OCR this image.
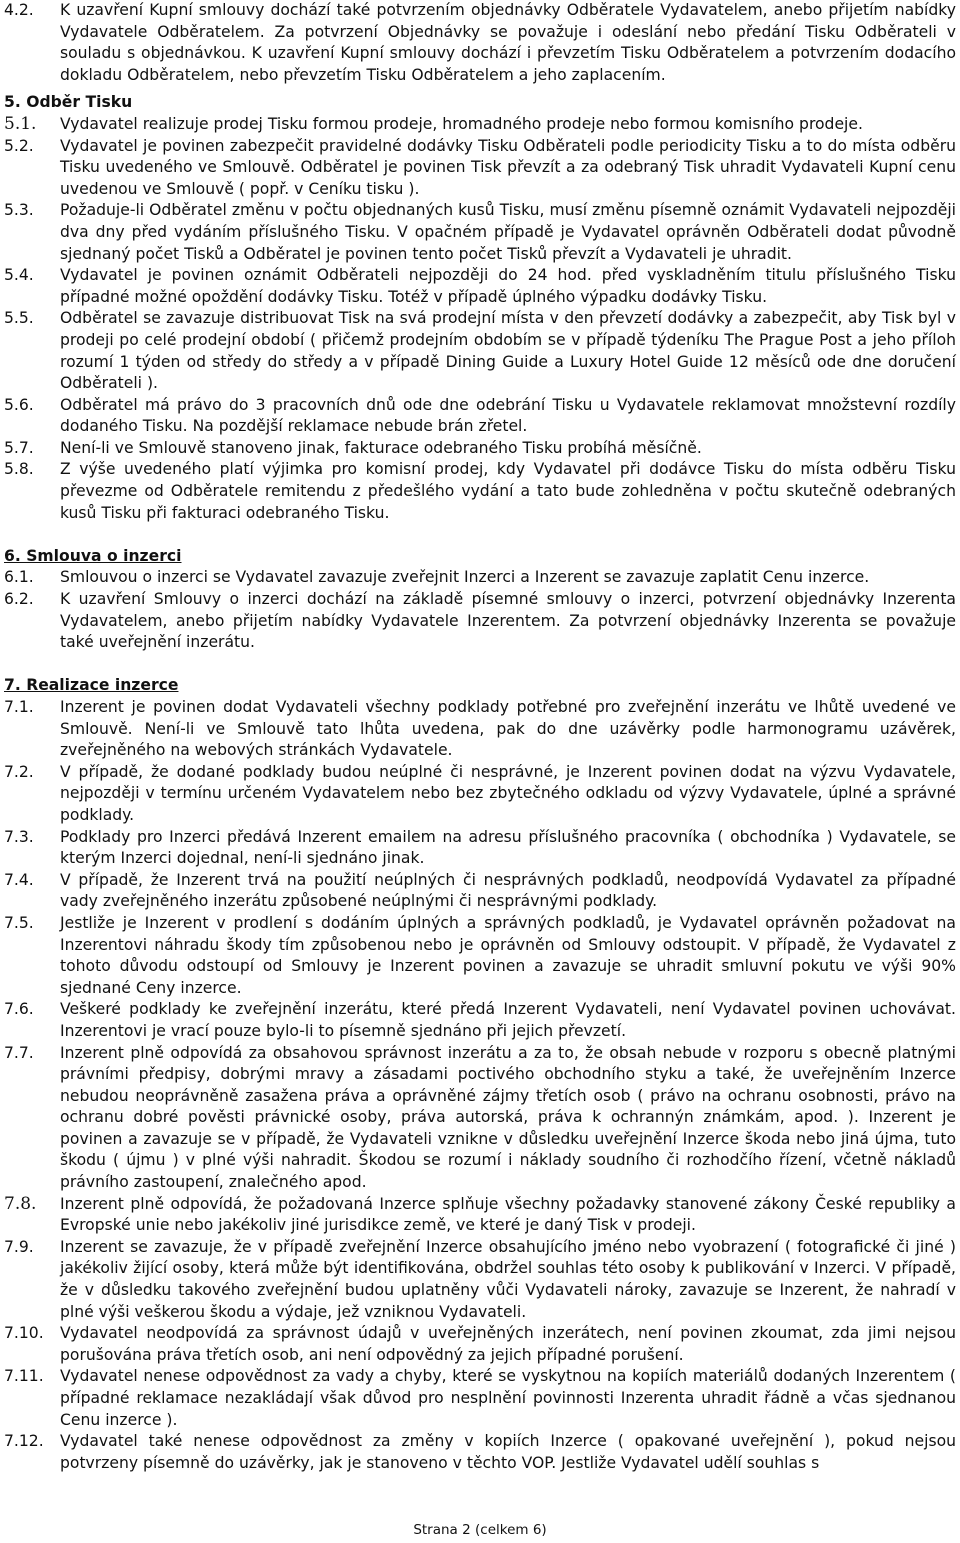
4.2.	K uzavření Kupní smlouvy dochází také potvrzením objednávky Odběratele Vydavatelem, anebo přijetím nabídky Vydavatele Odběratelem. Za potvrzení Objednávky se považuje i odeslání nebo předání Tisku Odběrateli v souladu s objednávkou. K uzavření Kupní smlouvy dochází i převzetím Tisku Odběratelem a potvrzením dodacího dokladu Odběratelem, nebo převzetím Tisku Odběratelem a jeho zaplacením.
5. Odběr Tisku
5.1.	Vydavatel realizuje prodej Tisku formou prodeje, hromadného prodeje nebo formou komisního prodeje.
5.2.	Vydavatel je povinen zabezpečit pravidelné dodávky Tisku Odběrateli podle periodicity Tisku a to do místa odběru Tisku uvedeného ve Smlouvě. Odběratel je povinen Tisk převzít a za odebraný Tisk uhradit Vydavateli Kupní cenu uvedenou ve Smlouvě ( popř. v Ceníku tisku ).
5.3.	Požaduje-li Odběratel změnu v počtu objednaných kusů Tisku, musí změnu písemně oznámit Vydavateli nejpozději dva dny před vydáním příslušného Tisku. V opačném případě je Vydavatel oprávněn Odběrateli dodat původně sjednaný počet Tisků a Odběratel je povinen tento počet Tisků převzít a Vydavateli je uhradit.
5.4.	Vydavatel je povinen oznámit Odběrateli nejpozději do 24 hod. před vyskladněním titulu příslušného Tisku případné možné opoždění dodávky Tisku. Totéž v případě úplného výpadku dodávky Tisku.
5.5.	Odběratel se zavazuje distribuovat Tisk na svá prodejní místa v den převzetí dodávky a zabezpečit, aby Tisk byl v prodeji po celé prodejní období ( přičemž prodejním obdobím se v případě týdeníku The Prague Post a jeho příloh rozumí 1 týden od středy do středy a v případě Dining Guide a Luxury Hotel Guide 12 měsíců ode dne doručení Odběrateli ).
5.6.	Odběratel má právo do 3 pracovních dnů ode dne odebrání Tisku u Vydavatele reklamovat množstevní rozdíly dodaného Tisku. Na pozdější reklamace nebude brán zřetel.
5.7.	Není-li ve Smlouvě stanoveno jinak, fakturace odebraného Tisku probíhá měsíčně.
5.8.	Z výše uvedeného platí výjimka pro komisní prodej, kdy Vydavatel při dodávce Tisku do místa odběru Tisku převezme od Odběratele remitendu z předešlého vydání a tato bude zohledněna v počtu skutečně odebraných kusů Tisku při fakturaci odebraného Tisku.
6. Smlouva o inzerci
6.1.	Smlouvou o inzerci se Vydavatel zavazuje zveřejnit Inzerci a Inzerent se zavazuje zaplatit Cenu inzerce.
6.2.	K uzavření Smlouvy o inzerci dochází na základě písemné smlouvy o inzerci, potvrzení objednávky Inzerenta Vydavatelem, anebo přijetím nabídky Vydavatele Inzerentem. Za potvrzení objednávky Inzerenta se považuje také uveřejnění inzerátu.
7. Realizace inzerce
7.1.	Inzerent je povinen dodat Vydavateli všechny podklady potřebné pro zveřejnění inzerátu ve lhůtě uvedené ve Smlouvě. Není-li ve Smlouvě tato lhůta uvedena, pak do dne uzávěrky podle harmonogramu uzávěrek, zveřejněného na webových stránkách Vydavatele.
7.2.	V případě, že dodané podklady budou neúplné či nesprávné, je Inzerent povinen dodat na výzvu Vydavatele, nejpozději v termínu určeném Vydavatelem nebo bez zbytečného odkladu od výzvy Vydavatele, úplné a správné podklady.
7.3.	Podklady pro Inzerci předává Inzerent emailem na adresu příslušného pracovníka ( obchodníka ) Vydavatele, se kterým Inzerci dojednal, není-li sjednáno jinak.
7.4.	V případě, že Inzerent trvá na použití neúplných či nesprávných podkladů, neodpovídá Vydavatel za případné vady zveřejněného inzerátu způsobené neúplnými či nesprávnými podklady.
7.5.	Jestliže je Inzerent v prodlení s dodáním úplných a správných podkladů, je Vydavatel oprávněn požadovat na Inzerentovi náhradu škody tím způsobenou nebo je oprávněn od Smlouvy odstoupit. V případě, že Vydavatel z tohoto důvodu odstoupí od Smlouvy je Inzerent povinen a zavazuje se uhradit smluvní pokutu ve výši 90% sjednané Ceny inzerce.
7.6.	Veškeré podklady ke zveřejnění inzerátu, které předá Inzerent Vydavateli, není Vydavatel povinen uchovávat. Inzerentovi je vrací pouze bylo-li to písemně sjednáno při jejich převzetí.
7.7.	Inzerent plně odpovídá za obsahovou správnost inzerátu a za to, že obsah nebude v rozporu s obecně platnými právními předpisy, dobrými mravy a zásadami poctivého obchodního styku a také, že uveřejněním Inzerce nebudou neoprávněně zasažena práva a oprávněné zájmy třetích osob ( právo na ochranu osobnosti, právo na ochranu dobré pověsti právnické osoby, práva autorská, práva k ochrannýn známkám, apod. ). Inzerent je povinen a zavazuje se v případě, že Vydavateli vznikne v důsledku uveřejnění Inzerce škoda nebo jiná újma, tuto škodu ( újmu ) v plné výši nahradit. Škodou se rozumí i náklady soudního či rozhodčího řízení, včetně nákladů právního zastoupení, znalečného apod.
7.8.	Inzerent plně odpovídá, že požadovaná Inzerce splňuje všechny požadavky stanovené zákony České republiky a Evropské unie nebo jakékoliv jiné jurisdikce země, ve které je daný Tisk v prodeji.
7.9.	Inzerent se zavazuje, že v případě zveřejnění Inzerce obsahujícího jméno nebo vyobrazení ( fotografické či jiné ) jakékoliv žijící osoby, která může být identifikována, obdržel souhlas této osoby k publikování v Inzerci. V případě, že v důsledku takového zveřejnění budou uplatněny vůči Vydavateli nároky, zavazuje se Inzerent, že nahradí v plné výši veškerou škodu a výdaje, jež vzniknou Vydavateli.
7.10.	Vydavatel neodpovídá za správnost údajů v uveřejněných inzerátech, není povinen zkoumat, zda jimi nejsou porušována práva třetích osob, ani není odpovědný za jejich případné porušení.
7.11.	Vydavatel nenese odpovědnost za vady a chyby, které se vyskytnou na kopiích materiálů dodaných Inzerentem ( případné reklamace nezakládají však důvod pro nesplnění povinnosti Inzerenta uhradit řádně a včas sjednanou Cenu inzerce ).
7.12.	Vydavatel také nenese odpovědnost za změny v kopiích Inzerce ( opakované uveřejnění ), pokud nejsou potvrzeny písemně do uzávěrky, jak je stanoveno v těchto VOP. Jestliže Vydavatel udělí souhlas s
Strana 2 (celkem 6)
